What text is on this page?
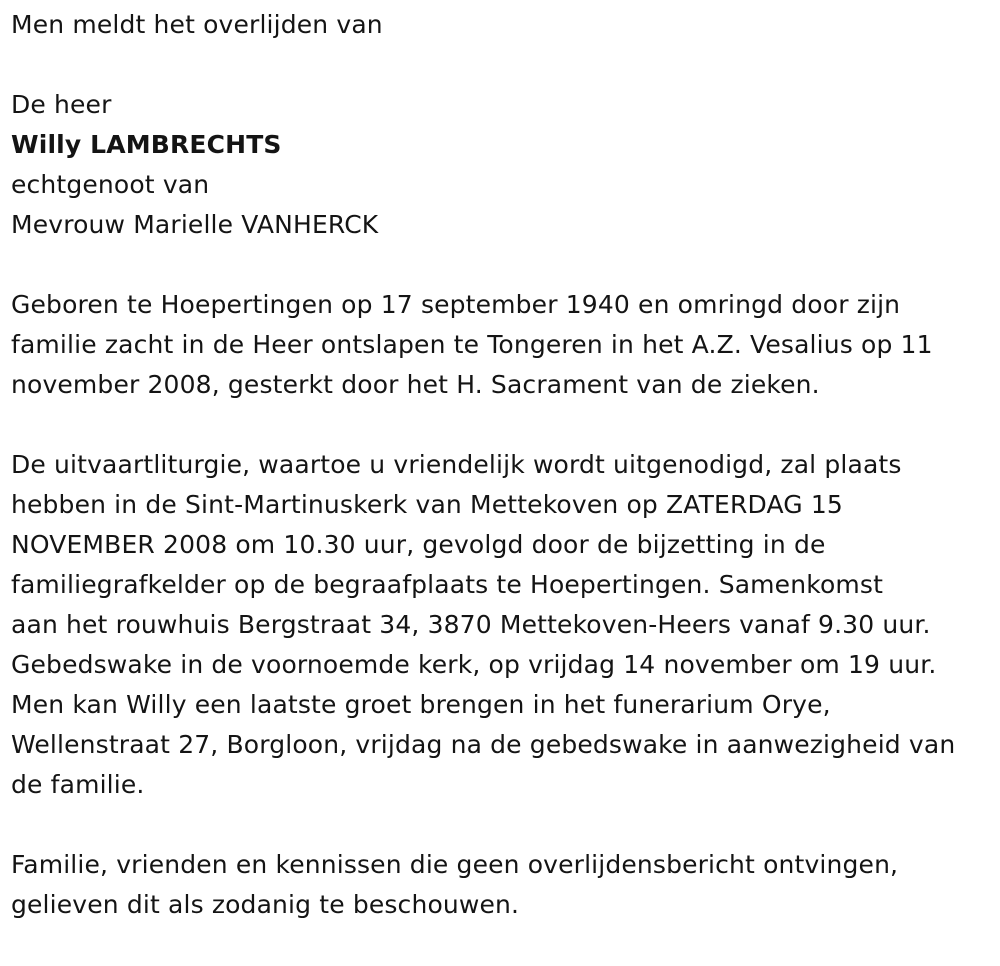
Men meldt het overlijden van
De heer
Willy LAMBRECHTS
echtgenoot van
Mevrouw Marielle VANHERCK
Geboren te Hoepertingen op 17 september 1940 en omringd door zijn
familie zacht in de Heer ontslapen te Tongeren in het A.Z. Vesalius op 11
november 2008, gesterkt door het H. Sacrament van de zieken.
De uitvaartliturgie, waartoe u vriendelijk wordt uitgenodigd, zal plaats
hebben in de Sint-Martinuskerk van Mettekoven op ZATERDAG 15
NOVEMBER 2008 om 10.30 uur, gevolgd door de bijzetting in de
familiegrafkelder op de begraafplaats te Hoepertingen. Samenkomst
aan het rouwhuis Bergstraat 34, 3870 Mettekoven-Heers vanaf 9.30 uur.
Gebedswake in de voornoemde kerk, op vrijdag 14 november om 19 uur.
Men kan Willy een laatste groet brengen in het funerarium Orye,
Wellenstraat 27, Borgloon, vrijdag na de gebedswake in aanwezigheid van
de familie.
Familie, vrienden en kennissen die geen overlijdensbericht ontvingen,
gelieven dit als zodanig te beschouwen.
